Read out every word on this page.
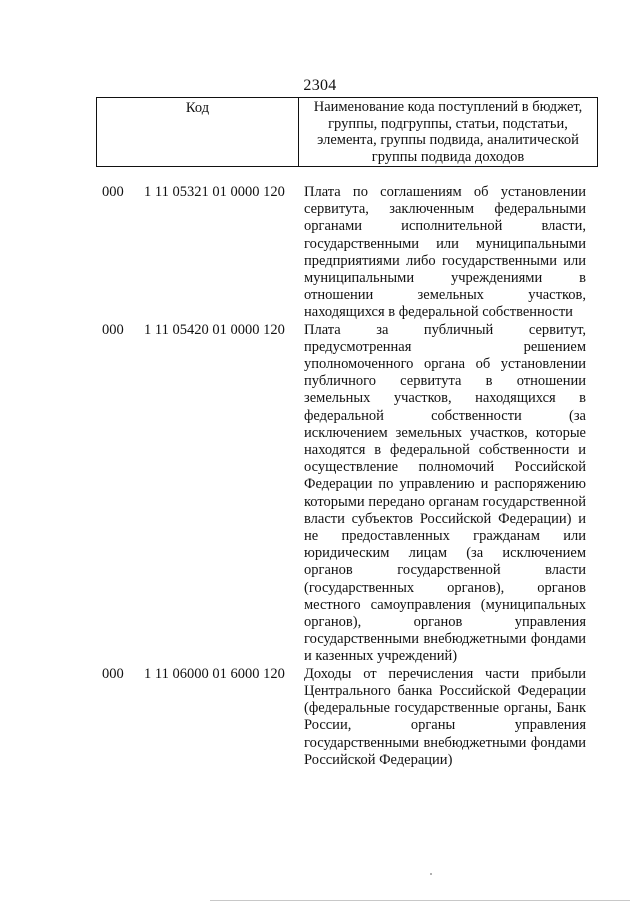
2304
Код	Наименование кода поступлений в бюджет, группы, подгруппы, статьи, подстатьи, элемента, группы подвида, аналитической группы подвида доходов
000 1 11 05321 01 0000 120 Плата по соглашениям об установлении сервитута, заключенным федеральными органами исполнительной власти, государственными или муниципальными предприятиями либо государственными или муниципальными учреждениями в отношении земельных участков, находящихся в федеральной собственности
000 1 11 05420 01 0000 120 Плата за публичный сервитут, предусмотренная решением уполномоченного органа об установлении публичного сервитута в отношении земельных участков, находящихся в федеральной собственности (за исключением земельных участков, которые находятся в федеральной собственности и осуществление полномочий Российской Федерации по управлению и распоряжению которыми передано органам государственной власти субъектов Российской Федерации) и не предоставленных гражданам или юридическим лицам (за исключением органов государственной власти (государственных органов), органов местного самоуправления (муниципальных органов), органов управления государственными внебюджетными фондами и казенных учреждений)
000 1 11 06000 01 6000 120 Доходы от перечисления части прибыли Центрального банка Российской Федерации (федеральные государственные органы, Банк России, органы управления государственными внебюджетными фондами Российской Федерации)
